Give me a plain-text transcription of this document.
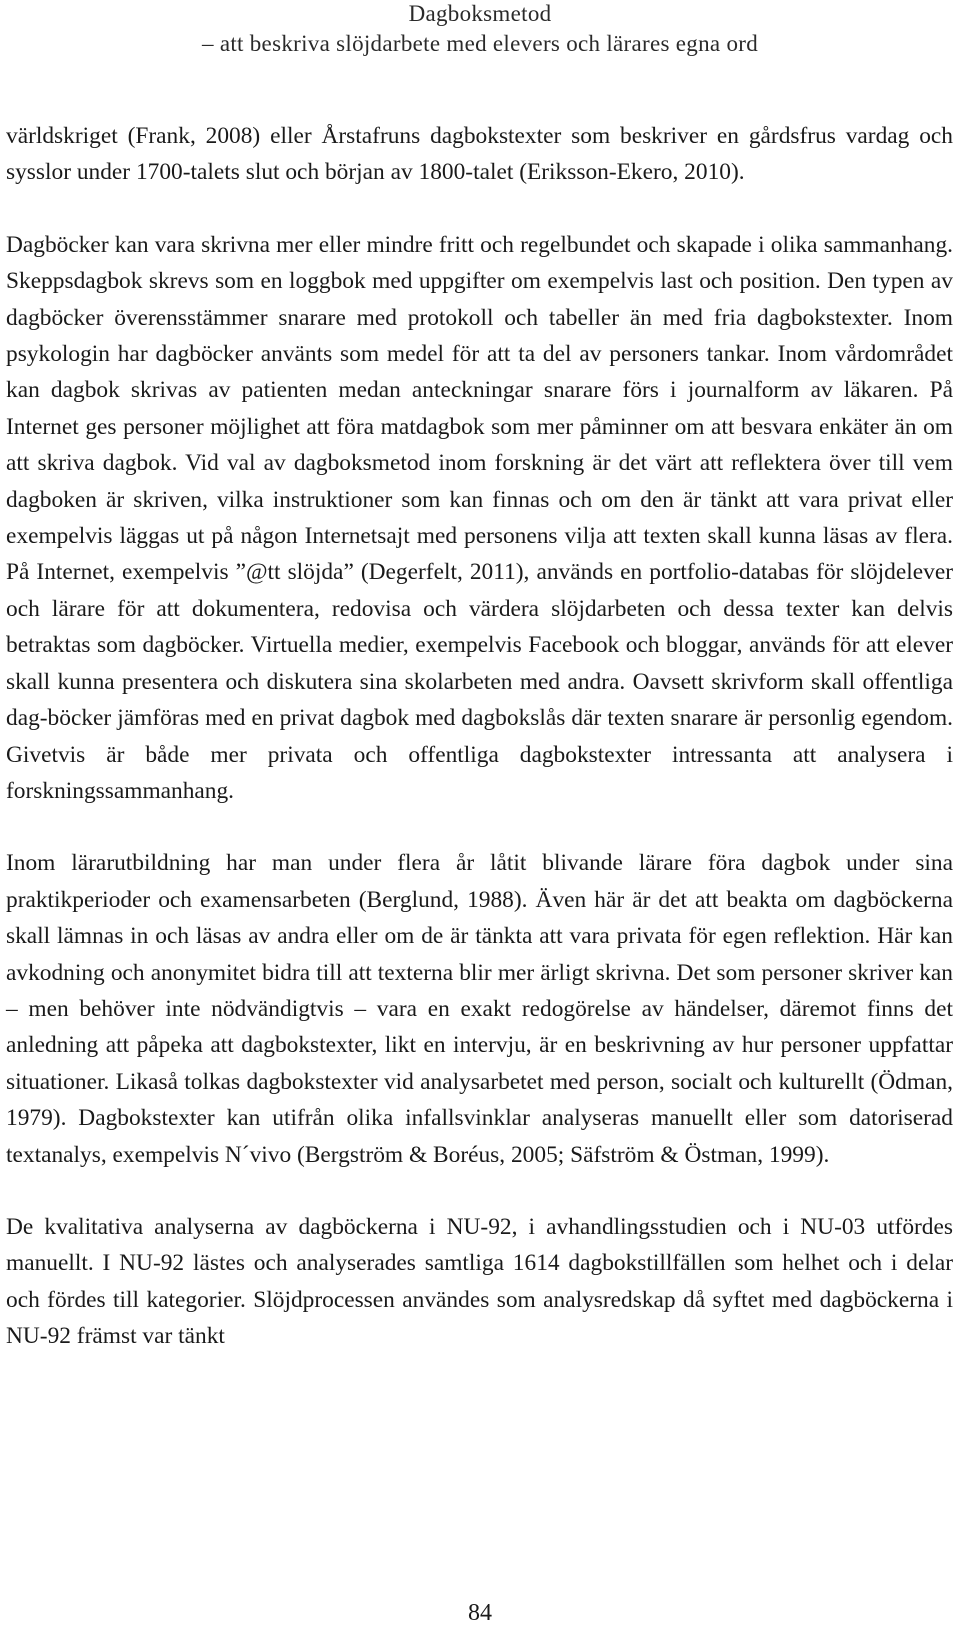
Dagboksmetod
– att beskriva slöjdarbete med elevers och lärares egna ord

världskriget (Frank, 2008) eller Årstafruns dagbokstexter som beskriver en gårdsfrus vardag och sysslor under 1700-talets slut och början av 1800-talet (Eriksson-Ekero, 2010).

Dagböcker kan vara skrivna mer eller mindre fritt och regelbundet och skapade i olika sammanhang. Skeppsdagbok skrevs som en loggbok med uppgifter om exempelvis last och position. Den typen av dagböcker överensstämmer snarare med protokoll och tabeller än med fria dagbokstexter. Inom psykologin har dagböcker använts som medel för att ta del av personers tankar. Inom vårdområdet kan dagbok skrivas av patienten medan anteckningar snarare förs i journalform av läkaren. På Internet ges personer möjlighet att föra matdagbok som mer påminner om att besvara enkäter än om att skriva dagbok. Vid val av dagboksmetod inom forskning är det värt att reflektera över till vem dagboken är skriven, vilka instruktioner som kan finnas och om den är tänkt att vara privat eller exempelvis läggas ut på någon Internetsajt med personens vilja att texten skall kunna läsas av flera. På Internet, exempelvis ”@tt slöjda” (Degerfelt, 2011), används en portfolio-databas för slöjdelever och lärare för att dokumentera, redovisa och värdera slöjdarbeten och dessa texter kan delvis betraktas som dagböcker. Virtuella medier, exempelvis Facebook och bloggar, används för att elever skall kunna presentera och diskutera sina skolarbeten med andra. Oavsett skrivform skall offentliga dag-böcker jämföras med en privat dagbok med dagbokslås där texten snarare är personlig egendom. Givetvis är både mer privata och offentliga dagbokstexter intressanta att analysera i forskningssammanhang.

Inom lärarutbildning har man under flera år låtit blivande lärare föra dagbok under sina praktikperioder och examensarbeten (Berglund, 1988). Även här är det att beakta om dagböckerna skall lämnas in och läsas av andra eller om de är tänkta att vara privata för egen reflektion. Här kan avkodning och anonymitet bidra till att texterna blir mer ärligt skrivna. Det som personer skriver kan – men behöver inte nödvändigtvis – vara en exakt redogörelse av händelser, däremot finns det anledning att påpeka att dagbokstexter, likt en intervju, är en beskrivning av hur personer uppfattar situationer. Likaså tolkas dagbokstexter vid analysarbetet med person, socialt och kulturellt (Ödman, 1979). Dagbokstexter kan utifrån olika infallsvinklar analyseras manuellt eller som datoriserad textanalys, exempelvis N´vivo (Bergström & Boréus, 2005; Säfström & Östman, 1999).

De kvalitativa analyserna av dagböckerna i NU-92, i avhandlingsstudien och i NU-03 utfördes manuellt. I NU-92 lästes och analyserades samtliga 1614 dagbokstillfällen som helhet och i delar och fördes till kategorier. Slöjdprocessen användes som analysredskap då syftet med dagböckerna i NU-92 främst var tänkt

84
